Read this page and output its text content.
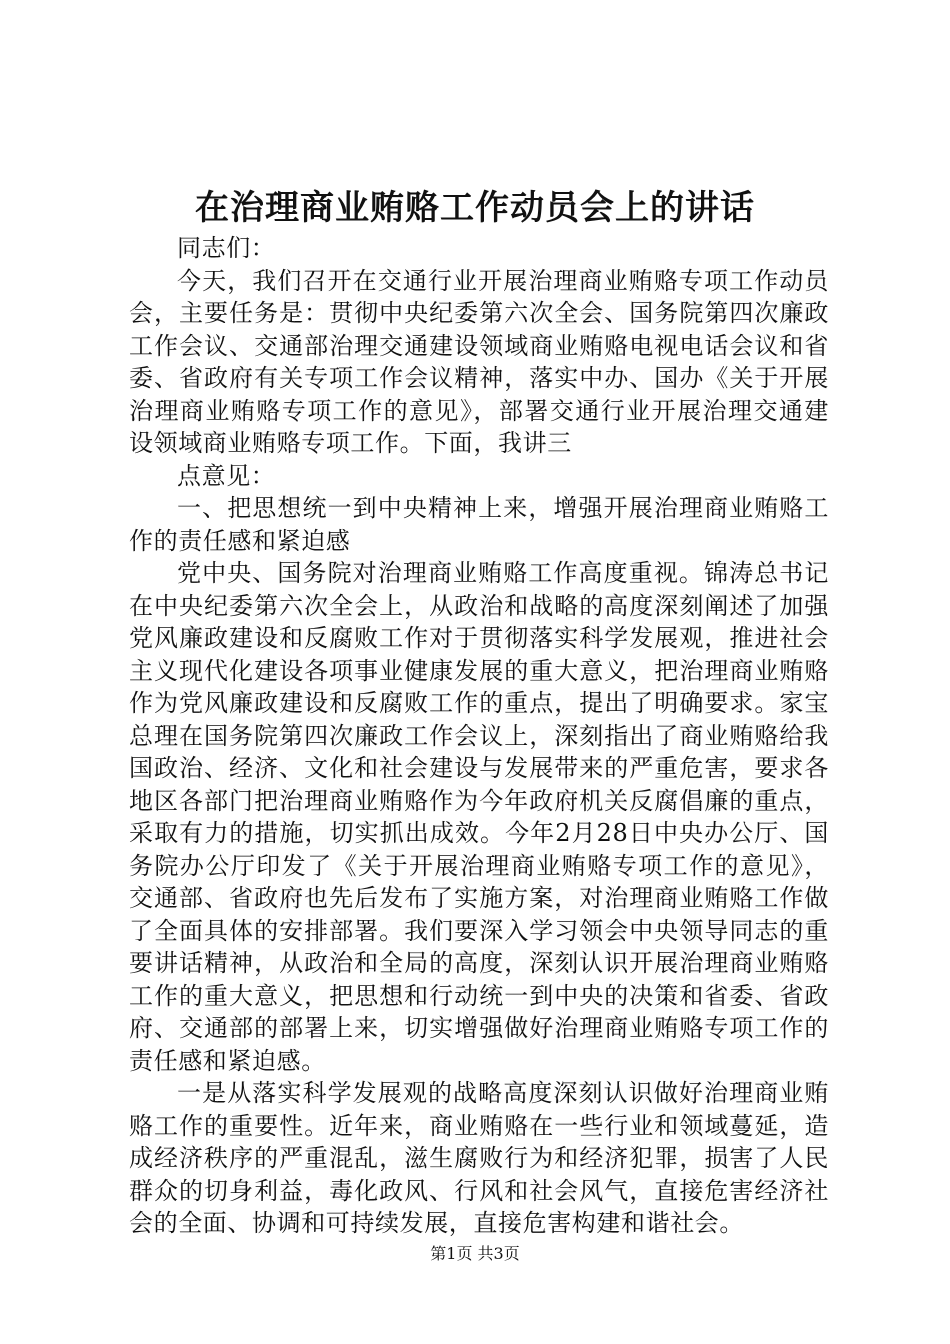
在治理商业贿赂工作动员会上的讲话

同志们：

今天，我们召开在交通行业开展治理商业贿赂专项工作动员会，主要任务是：贯彻中央纪委第六次全会、国务院第四次廉政工作会议、交通部治理交通建设领域商业贿赂电视电话会议和省委、省政府有关专项工作会议精神，落实中办、国办《关于开展治理商业贿赂专项工作的意见》，部署交通行业开展治理交通建设领域商业贿赂专项工作。下面，我讲三

点意见：

一、把思想统一到中央精神上来，增强开展治理商业贿赂工作的责任感和紧迫感

党中央、国务院对治理商业贿赂工作高度重视。锦涛总书记在中央纪委第六次全会上，从政治和战略的高度深刻阐述了加强党风廉政建设和反腐败工作对于贯彻落实科学发展观，推进社会主义现代化建设各项事业健康发展的重大意义，把治理商业贿赂作为党风廉政建设和反腐败工作的重点，提出了明确要求。家宝总理在国务院第四次廉政工作会议上，深刻指出了商业贿赂给我国政治、经济、文化和社会建设与发展带来的严重危害，要求各地区各部门把治理商业贿赂作为今年政府机关反腐倡廉的重点，采取有力的措施，切实抓出成效。今年2月28日中央办公厅、国务院办公厅印发了《关于开展治理商业贿赂专项工作的意见》，交通部、省政府也先后发布了实施方案，对治理商业贿赂工作做了全面具体的安排部署。我们要深入学习领会中央领导同志的重要讲话精神，从政治和全局的高度，深刻认识开展治理商业贿赂工作的重大意义，把思想和行动统一到中央的决策和省委、省政府、交通部的部署上来，切实增强做好治理商业贿赂专项工作的责任感和紧迫感。

一是从落实科学发展观的战略高度深刻认识做好治理商业贿赂工作的重要性。近年来，商业贿赂在一些行业和领域蔓延，造成经济秩序的严重混乱，滋生腐败行为和经济犯罪，损害了人民群众的切身利益，毒化政风、行风和社会风气，直接危害经济社会的全面、协调和可持续发展，直接危害构建和谐社会。

第1页 共3页
